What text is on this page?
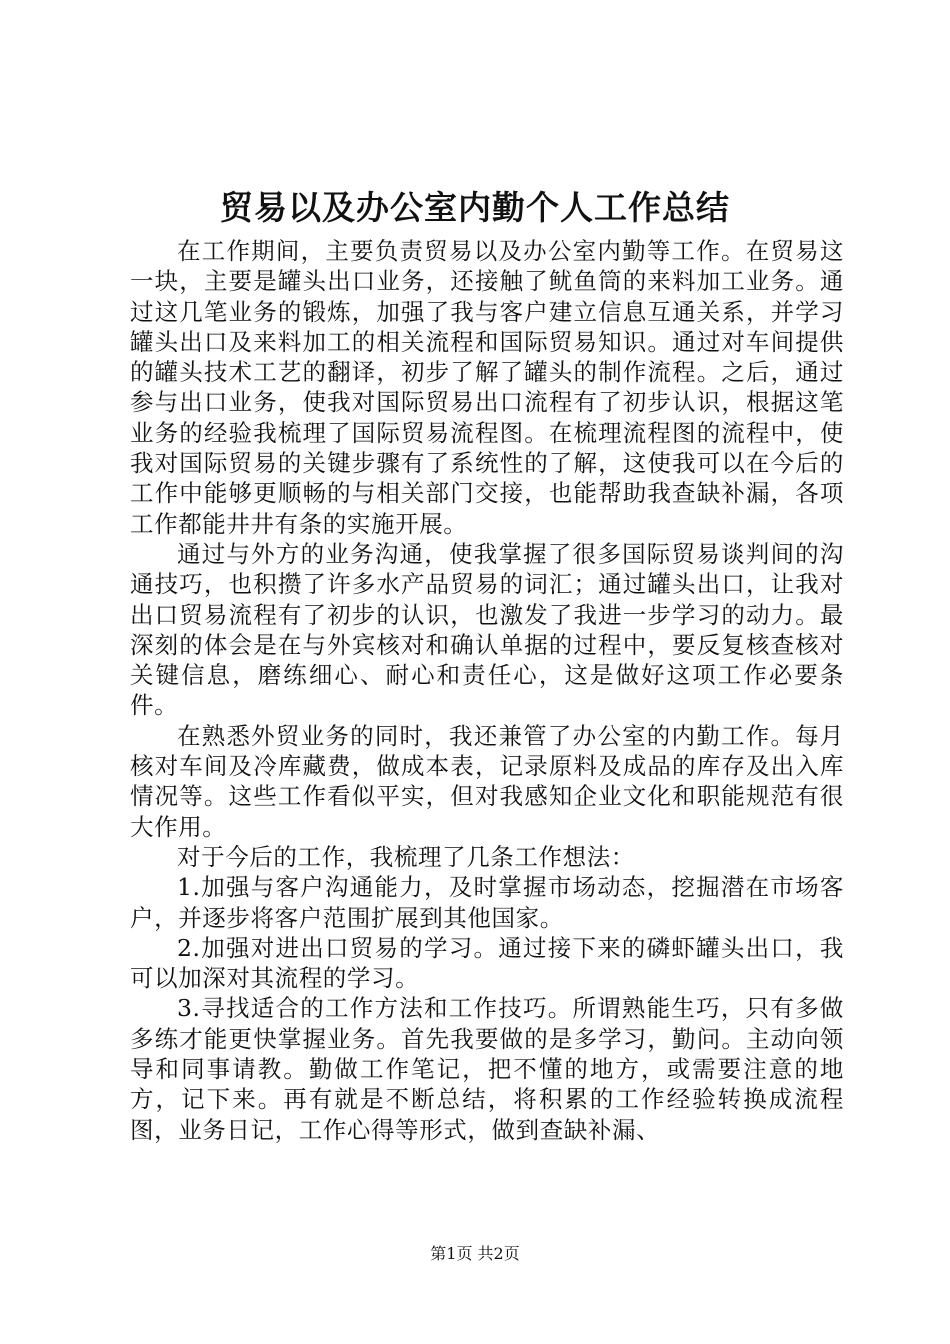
贸易以及办公室内勤个人工作总结

在工作期间，主要负责贸易以及办公室内勤等工作。在贸易这一块，主要是罐头出口业务，还接触了鱿鱼筒的来料加工业务。通过这几笔业务的锻炼，加强了我与客户建立信息互通关系，并学习罐头出口及来料加工的相关流程和国际贸易知识。通过对车间提供的罐头技术工艺的翻译，初步了解了罐头的制作流程。之后，通过参与出口业务，使我对国际贸易出口流程有了初步认识，根据这笔业务的经验我梳理了国际贸易流程图。在梳理流程图的流程中，使我对国际贸易的关键步骤有了系统性的了解，这使我可以在今后的工作中能够更顺畅的与相关部门交接，也能帮助我查缺补漏，各项工作都能井井有条的实施开展。

通过与外方的业务沟通，使我掌握了很多国际贸易谈判间的沟通技巧，也积攒了许多水产品贸易的词汇；通过罐头出口，让我对出口贸易流程有了初步的认识，也激发了我进一步学习的动力。最深刻的体会是在与外宾核对和确认单据的过程中，要反复核查核对关键信息，磨练细心、耐心和责任心，这是做好这项工作必要条件。

在熟悉外贸业务的同时，我还兼管了办公室的内勤工作。每月核对车间及冷库藏费，做成本表，记录原料及成品的库存及出入库情况等。这些工作看似平实，但对我感知企业文化和职能规范有很大作用。

对于今后的工作，我梳理了几条工作想法：

1.加强与客户沟通能力，及时掌握市场动态，挖掘潜在市场客户，并逐步将客户范围扩展到其他国家。

2.加强对进出口贸易的学习。通过接下来的磷虾罐头出口，我可以加深对其流程的学习。

3.寻找适合的工作方法和工作技巧。所谓熟能生巧，只有多做多练才能更快掌握业务。首先我要做的是多学习，勤问。主动向领导和同事请教。勤做工作笔记，把不懂的地方，或需要注意的地方，记下来。再有就是不断总结，将积累的工作经验转换成流程图，业务日记，工作心得等形式，做到查缺补漏、

第1页 共2页
